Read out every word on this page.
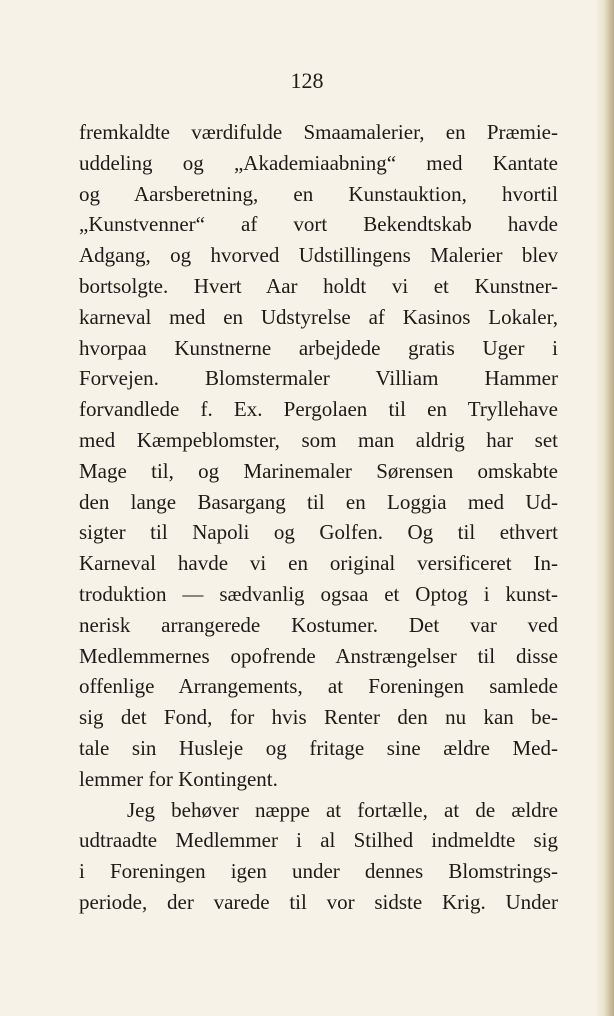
128

fremkaldte værdifulde Smaamalerier, en Præmie-
uddeling og „Akademiaabning“ med Kantate
og Aarsberetning, en Kunstauktion, hvortil
„Kunstvenner“ af vort Bekendtskab havde
Adgang, og hvorved Udstillingens Malerier blev
bortsolgte. Hvert Aar holdt vi et Kunstner-
karneval med en Udstyrelse af Kasinos Lokaler,
hvorpaa Kunstnerne arbejdede gratis Uger i
Forvejen. Blomstermaler Villiam Hammer
forvandlede f. Ex. Pergolaen til en Tryllehave
med Kæmpeblomster, som man aldrig har set
Mage til, og Marinemaler Sørensen omskabte
den lange Basargang til en Loggia med Ud-
sigter til Napoli og Golfen. Og til ethvert
Karneval havde vi en original versificeret In-
troduktion — sædvanlig ogsaa et Optog i kunst-
nerisk arrangerede Kostumer. Det var ved
Medlemmernes opofrende Anstrængelser til disse
offenlige Arrangements, at Foreningen samlede
sig det Fond, for hvis Renter den nu kan be-
tale sin Husleje og fritage sine ældre Med-
lemmer for Kontingent.
Jeg behøver næppe at fortælle, at de ældre
udtraadte Medlemmer i al Stilhed indmeldte sig
i Foreningen igen under dennes Blomstrings-
periode, der varede til vor sidste Krig. Under
